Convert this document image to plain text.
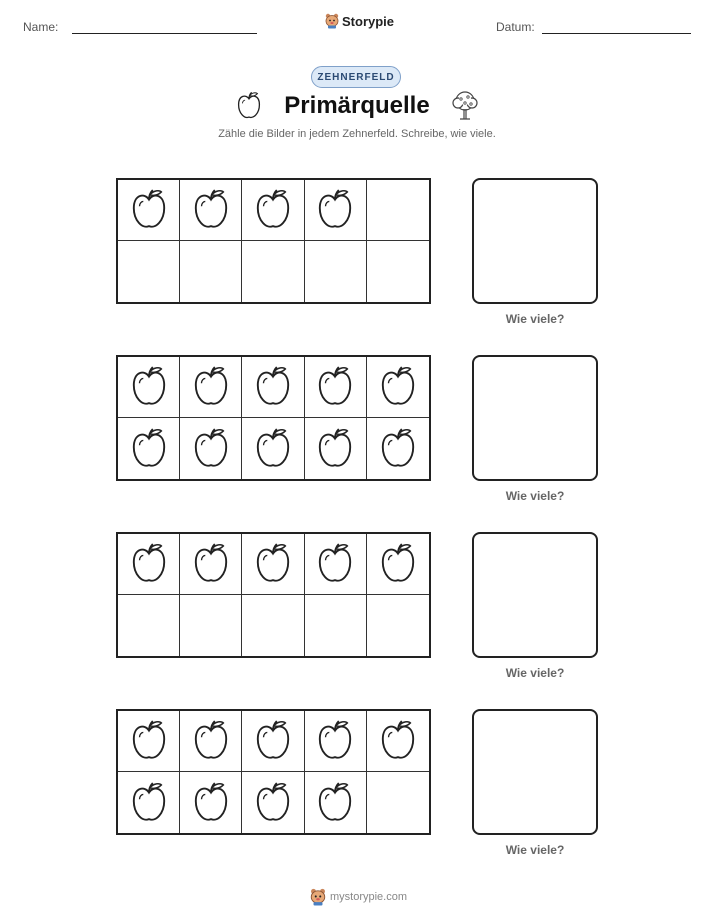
Name:	Storypie	Datum:
ZEHNERFELD
Primärquelle
Zähle die Bilder in jedem Zehnerfeld. Schreibe, wie viele.
Wie viele?
Wie viele?
Wie viele?
Wie viele?
mystorypie.com
